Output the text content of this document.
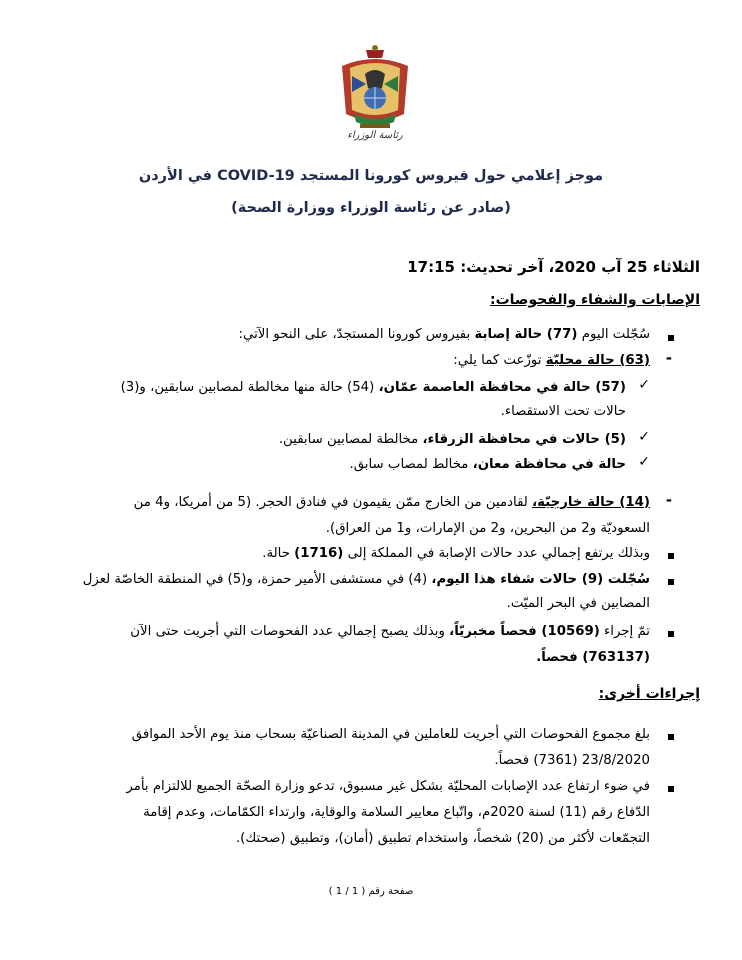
رئاسة الوزراء
موجز إعلامي حول فيروس كورونا المستجد COVID-19 في الأردن
(صادر عن رئاسة الوزراء ووزارة الصحة)
الثلاثاء 25 آب 2020، آخر تحديث: 17:15
الإصابات والشفاء والفحوصات:
سُجّلت اليوم (77) حالة إصابة بفيروس كورونا المستجدّ، على النحو الآتي:
-
(63) حالة محليّة توزّعت كما يلي:
✓
(57) حالة في محافظة العاصمة عمّان، (54) حالة منها مخالطة لمصابين سابقين، و(3)
حالات تحت الاستقصاء.
✓
(5) حالات في محافظة الزرقاء، مخالطة لمصابين سابقين.
✓
حالة في محافظة معان، مخالط لمصاب سابق.
-
(14) حالة خارجيّة، لقادمين من الخارج ممّن يقيمون في فنادق الحجر. (5 من أمريكا، و4 من
السعوديّة و2 من البحرين، و2 من الإمارات، و1 من العراق).
وبذلك يرتفع إجمالي عدد حالات الإصابة في المملكة إلى (1716) حالة.
سُجّلت (9) حالات شفاء هذا اليوم، (4) في مستشفى الأمير حمزة، و(5) في المنطقة الخاصّة لعزل
المصابين في البحر الميّت.
تمّ إجراء (10569) فحصاً مخبريّاً، وبذلك يصبح إجمالي عدد الفحوصات التي أجريت حتى الآن
(763137) فحصاً.
إجراءات أخرى:
بلغ مجموع الفحوصات التي أجريت للعاملين في المدينة الصناعيّة بسحاب منذ يوم الأحد الموافق
23/8/2020 (7361) فحصاً.
في ضوء ارتفاع عدد الإصابات المحليّة بشكل غير مسبوق، تدعو وزارة الصحّة الجميع للالتزام بأمر
الدّفاع رقم (11) لسنة 2020م، واتّباع معايير السلامة والوقاية، وارتداء الكمّامات، وعدم إقامة
التجمّعات لأكثر من (20) شخصاً، واستخدام تطبيق (أمان)، وتطبيق (صحتك).
صفحة رقم ( 1 / 1 )
